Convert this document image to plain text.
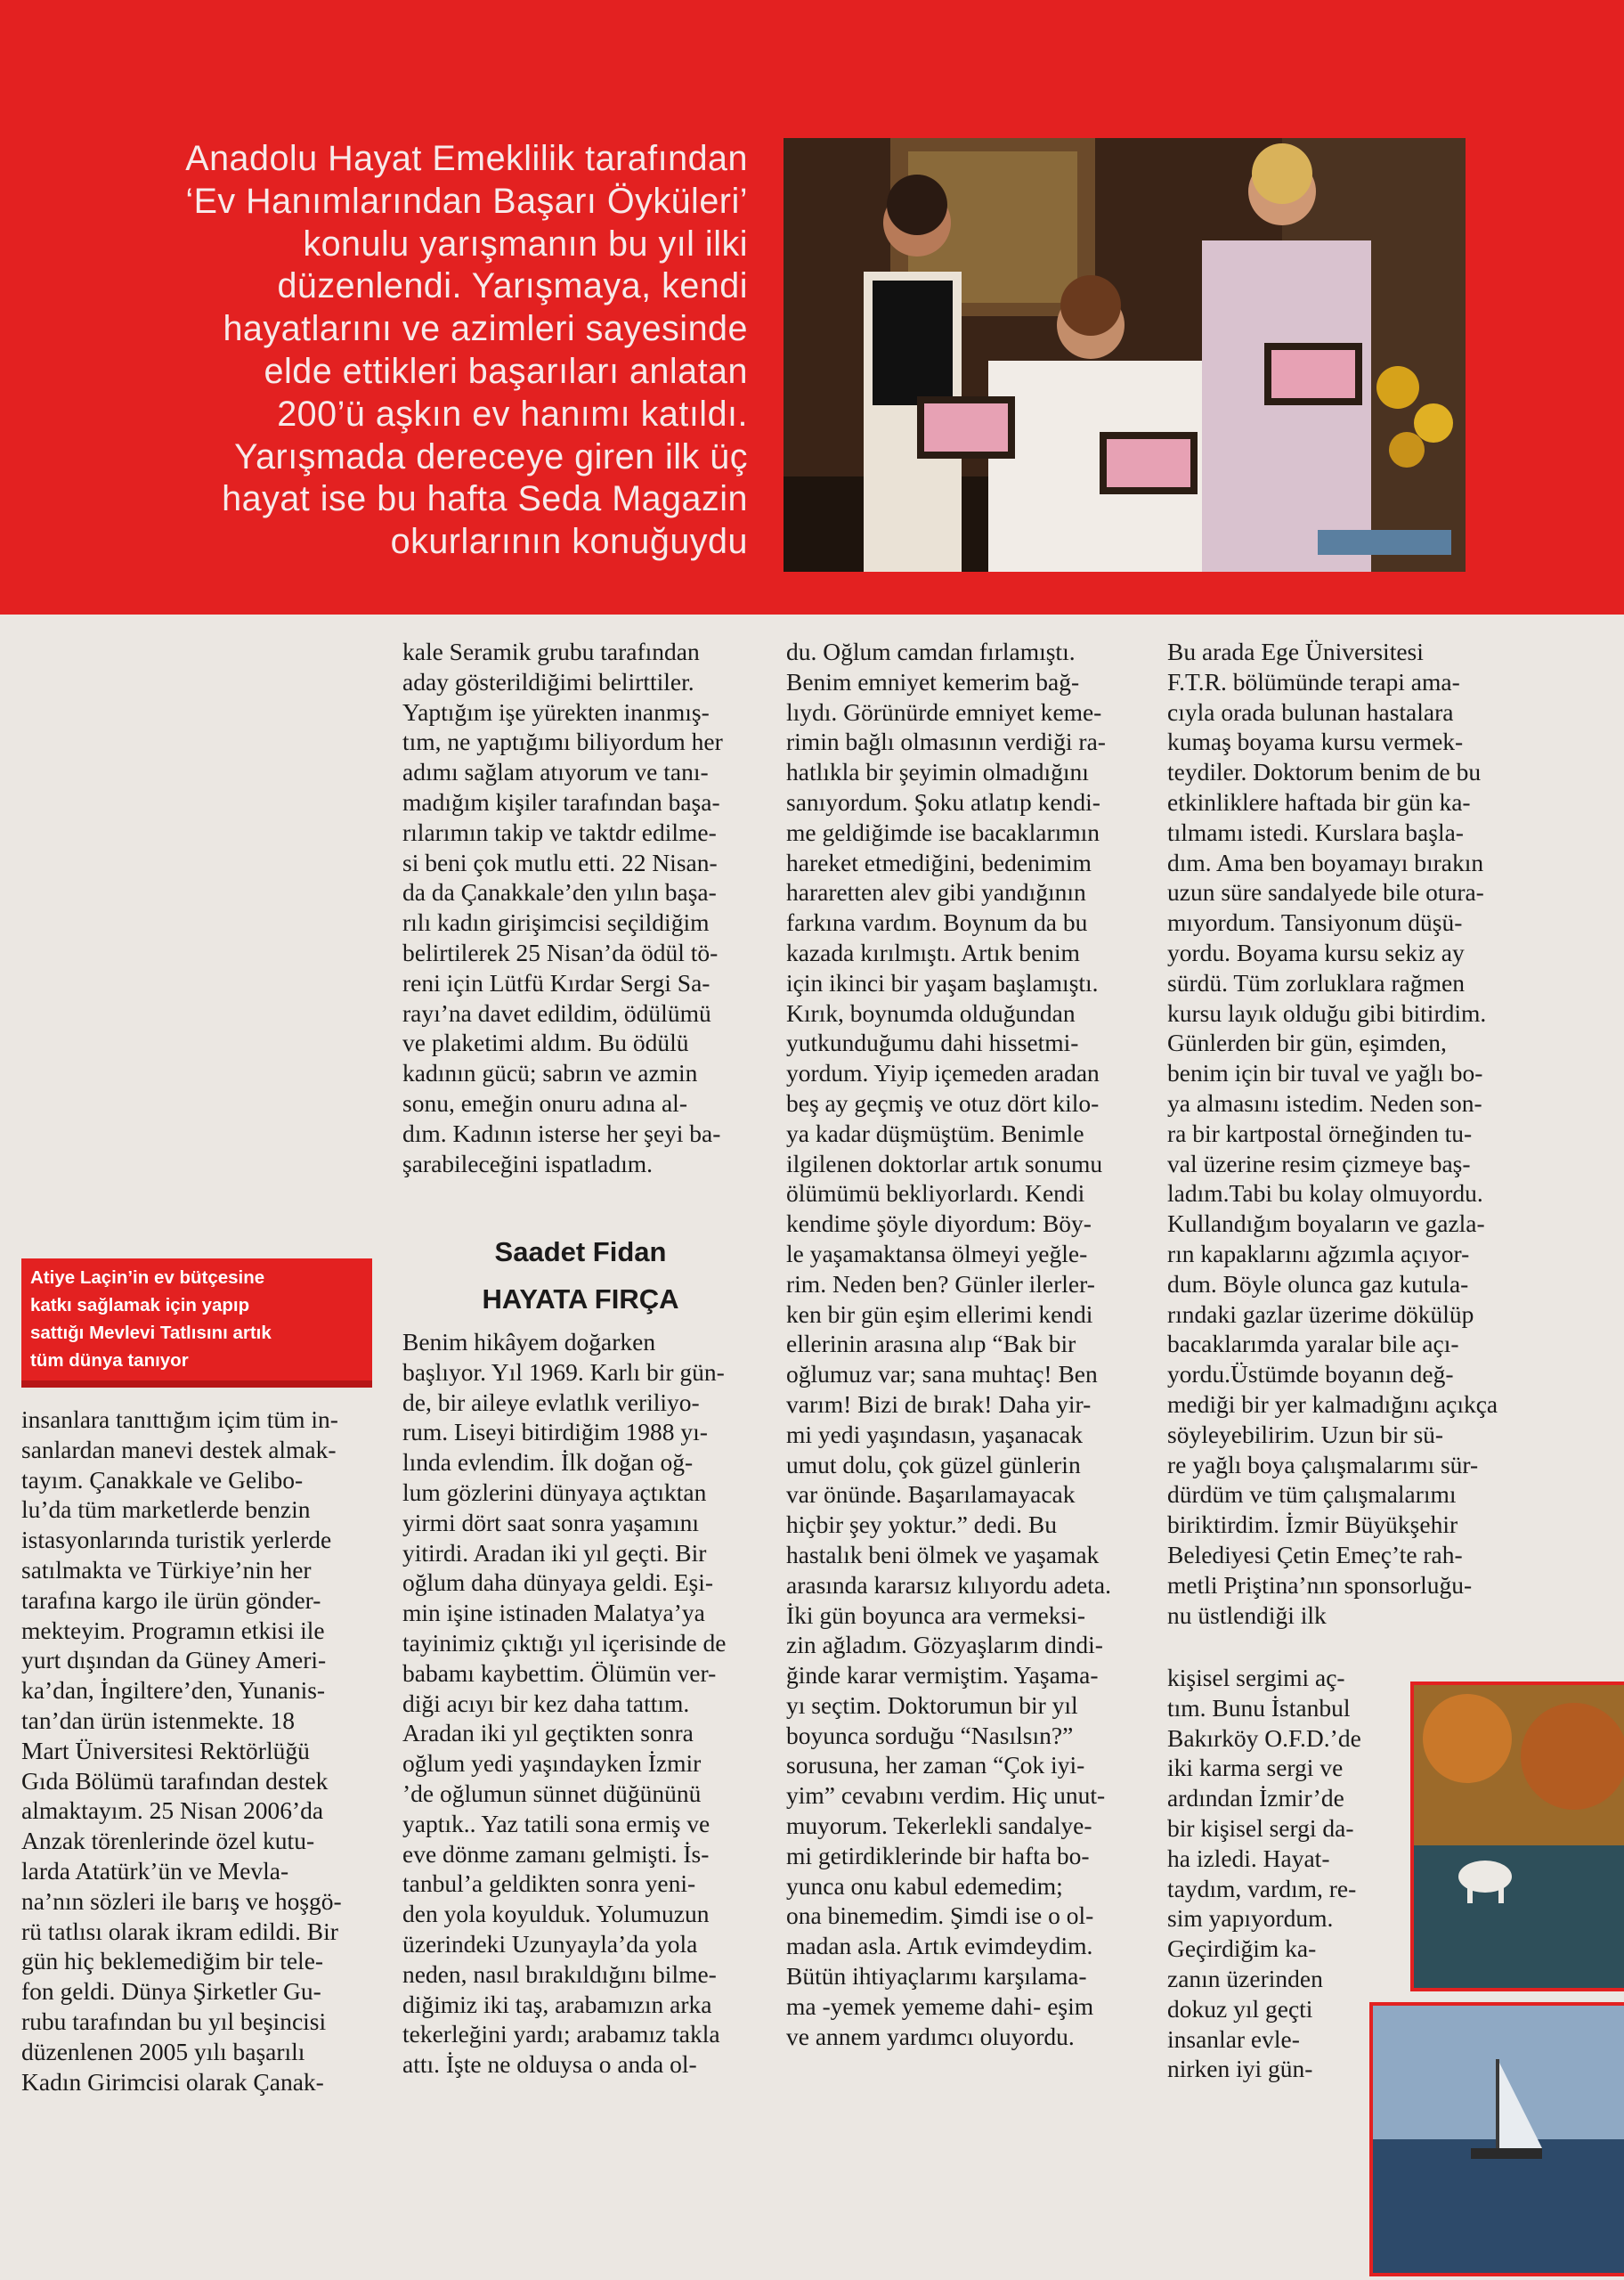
Anadolu Hayat Emeklilik tarafından
‘Ev Hanımlarından Başarı Öyküleri’
konulu yarışmanın bu yıl ilki
düzenlendi. Yarışmaya, kendi
hayatlarını ve azimleri sayesinde
elde ettikleri başarıları anlatan
200’ü aşkın ev hanımı katıldı.
Yarışmada dereceye giren ilk üç
hayat ise bu hafta Seda Magazin
okurlarının konuğuydu
Atiye Laçin’in ev bütçesine
katkı sağlamak için yapıp
sattığı Mevlevi Tatlısını artık
tüm dünya tanıyor
insanlara tanıttığım içim tüm in-
sanlardan manevi destek almak-
tayım. Çanakkale ve Gelibo-
lu’da tüm marketlerde benzin
istasyonlarında turistik yerlerde
satılmakta ve Türkiye’nin her
tarafına kargo ile ürün gönder-
mekteyim. Programın etkisi ile
yurt dışından da Güney Ameri-
ka’dan, İngiltere’den, Yunanis-
tan’dan ürün istenmekte. 18
Mart Üniversitesi Rektörlüğü
Gıda Bölümü tarafından destek
almaktayım. 25 Nisan 2006’da
Anzak törenlerinde özel kutu-
larda Atatürk’ün ve Mevla-
na’nın sözleri ile barış ve hoşgö-
rü tatlısı olarak ikram edildi. Bir
gün hiç beklemediğim bir tele-
fon geldi. Dünya Şirketler Gu-
rubu tarafından bu yıl beşincisi
düzenlenen 2005 yılı başarılı
Kadın Girimcisi olarak Çanak-
kale Seramik grubu tarafından
aday gösterildiğimi belirttiler.
Yaptığım işe yürekten inanmış-
tım, ne yaptığımı biliyordum her
adımı sağlam atıyorum ve tanı-
madığım kişiler tarafından başa-
rılarımın takip ve taktdr edilme-
si beni çok mutlu etti. 22 Nisan-
da da Çanakkale’den yılın başa-
rılı kadın girişimcisi seçildiğim
belirtilerek 25 Nisan’da ödül tö-
reni için Lütfü Kırdar Sergi Sa-
rayı’na davet edildim, ödülümü
ve plaketimi aldım. Bu ödülü
kadının gücü; sabrın ve azmin
sonu, emeğin onuru adına al-
dım. Kadının isterse her şeyi ba-
şarabileceğini ispatladım.
Saadet Fidan
HAYATA FIRÇA
Benim hikâyem doğarken
başlıyor. Yıl 1969. Karlı bir gün-
de, bir aileye evlatlık veriliyo-
rum. Liseyi bitirdiğim 1988 yı-
lında evlendim. İlk doğan oğ-
lum gözlerini dünyaya açtıktan
yirmi dört saat sonra yaşamını
yitirdi. Aradan iki yıl geçti. Bir
oğlum daha dünyaya geldi. Eşi-
min işine istinaden Malatya’ya
tayinimiz çıktığı yıl içerisinde de
babamı kaybettim. Ölümün ver-
diği acıyı bir kez daha tattım.
Aradan iki yıl geçtikten sonra
oğlum yedi yaşındayken İzmir
’de oğlumun sünnet düğününü
yaptık.. Yaz tatili sona ermiş ve
eve dönme zamanı gelmişti. İs-
tanbul’a geldikten sonra yeni-
den yola koyulduk. Yolumuzun
üzerindeki Uzunyayla’da yola
neden, nasıl bırakıldığını bilme-
diğimiz iki taş, arabamızın arka
tekerleğini yardı; arabamız takla
attı. İşte ne olduysa o anda ol-
du. Oğlum camdan fırlamıştı.
Benim emniyet kemerim bağ-
lıydı. Görünürde emniyet keme-
rimin bağlı olmasının verdiği ra-
hatlıkla bir şeyimin olmadığını
sanıyordum. Şoku atlatıp kendi-
me geldiğimde ise bacaklarımın
hareket etmediğini, bedenimim
hararetten alev gibi yandığının
farkına vardım. Boynum da bu
kazada kırılmıştı. Artık benim
için ikinci bir yaşam başlamıştı.
Kırık, boynumda olduğundan
yutkunduğumu dahi hissetmi-
yordum. Yiyip içemeden aradan
beş ay geçmiş ve otuz dört kilo-
ya kadar düşmüştüm. Benimle
ilgilenen doktorlar artık sonumu
ölümümü bekliyorlardı. Kendi
kendime şöyle diyordum: Böy-
le yaşamaktansa ölmeyi yeğle-
rim. Neden ben? Günler ilerler-
ken bir gün eşim ellerimi kendi
ellerinin arasına alıp “Bak bir
oğlumuz var; sana muhtaç! Ben
varım! Bizi de bırak! Daha yir-
mi yedi yaşındasın, yaşanacak
umut dolu, çok güzel günlerin
var önünde. Başarılamayacak
hiçbir şey yoktur.” dedi. Bu
hastalık beni ölmek ve yaşamak
arasında kararsız kılıyordu adeta.
İki gün boyunca ara vermeksi-
zin ağladım. Gözyaşlarım dindi-
ğinde karar vermiştim. Yaşama-
yı seçtim. Doktorumun bir yıl
boyunca sorduğu “Nasılsın?”
sorusuna, her zaman “Çok iyi-
yim” cevabını verdim. Hiç unut-
muyorum. Tekerlekli sandalye-
mi getirdiklerinde bir hafta bo-
yunca onu kabul edemedim;
ona binemedim. Şimdi ise o ol-
madan asla. Artık evimdeydim.
Bütün ihtiyaçlarımı karşılama-
ma -yemek yememe dahi- eşim
ve annem yardımcı oluyordu.
Bu arada Ege Üniversitesi
F.T.R. bölümünde terapi ama-
cıyla orada bulunan hastalara
kumaş boyama kursu vermek-
teydiler. Doktorum benim de bu
etkinliklere haftada bir gün ka-
tılmamı istedi. Kurslara başla-
dım. Ama ben boyamayı bırakın
uzun süre sandalyede bile otura-
mıyordum. Tansiyonum düşü-
yordu. Boyama kursu sekiz ay
sürdü. Tüm zorluklara rağmen
kursu layık olduğu gibi bitirdim.
Günlerden bir gün, eşimden,
benim için bir tuval ve yağlı bo-
ya almasını istedim. Neden son-
ra bir kartpostal örneğinden tu-
val üzerine resim çizmeye baş-
ladım.Tabi bu kolay olmuyordu.
Kullandığım boyaların ve gazla-
rın kapaklarını ağzımla açıyor-
dum. Böyle olunca gaz kutula-
rındaki gazlar üzerime dökülüp
bacaklarımda yaralar bile açı-
yordu.Üstümde boyanın değ-
mediği bir yer kalmadığını açıkça
söyleyebilirim. Uzun bir sü-
re yağlı boya çalışmalarımı sür-
dürdüm ve tüm çalışmalarımı
biriktirdim. İzmir Büyükşehir
Belediyesi Çetin Emeç’te rah-
metli Priştina’nın sponsorluğu-
nu üstlendiği ilk
kişisel sergimi aç-
tım. Bunu İstanbul
Bakırköy O.F.D.’de
iki karma sergi ve
ardından İzmir’de
bir kişisel sergi da-
ha izledi. Hayat-
taydım, vardım, re-
sim yapıyordum.
Geçirdiğim ka-
zanın üzerinden
dokuz yıl geçti
insanlar evle-
nirken iyi gün-
